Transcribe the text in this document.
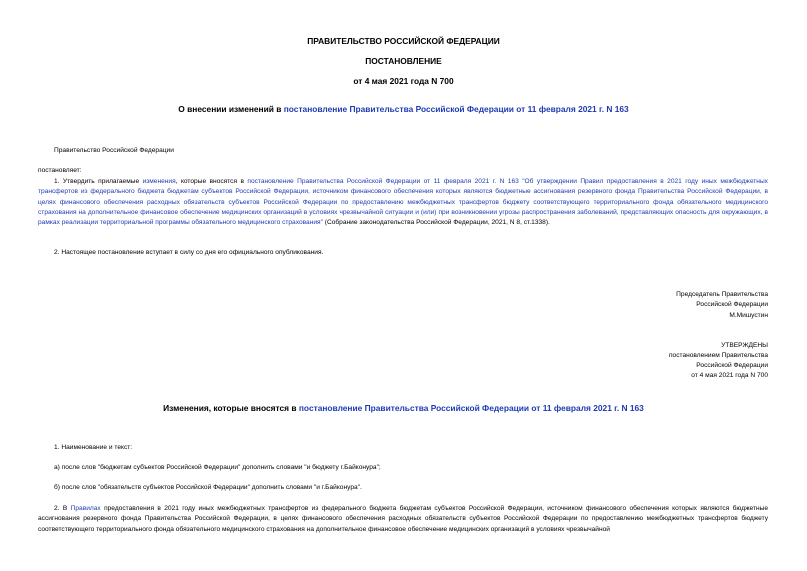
ПРАВИТЕЛЬСТВО РОССИЙСКОЙ ФЕДЕРАЦИИ
ПОСТАНОВЛЕНИЕ
от 4 мая 2021 года N 700
О внесении изменений в постановление Правительства Российской Федерации от 11 февраля 2021 г. N 163
Правительство Российской Федерации
постановляет:
1. Утвердить прилагаемые изменения, которые вносятся в постановление Правительства Российской Федерации от 11 февраля 2021 г. N 163 "Об утверждении Правил предоставления в 2021 году иных межбюджетных трансфертов из федерального бюджета бюджетам субъектов Российской Федерации, источником финансового обеспечения которых являются бюджетные ассигнования резервного фонда Правительства Российской Федерации, в целях финансового обеспечения расходных обязательств субъектов Российской Федерации по предоставлению межбюджетных трансфертов бюджету соответствующего территориального фонда обязательного медицинского страхования на дополнительное финансовое обеспечение медицинских организаций в условиях чрезвычайной ситуации и (или) при возникновении угрозы распространения заболеваний, представляющих опасность для окружающих, в рамках реализации территориальной программы обязательного медицинского страхования" (Собрание законодательства Российской Федерации, 2021, N 8, ст.1338).
2. Настоящее постановление вступает в силу со дня его официального опубликования.
Председатель Правительства
Российской Федерации
М.Мишустин
УТВЕРЖДЕНЫ
постановлением Правительства
Российской Федерации
от 4 мая 2021 года N 700
Изменения, которые вносятся в постановление Правительства Российской Федерации от 11 февраля 2021 г. N 163
1. Наименование и текст:
а) после слов "бюджетам субъектов Российской Федерации" дополнить словами "и бюджету г.Байконура";
б) после слов "обязательств субъектов Российской Федерации" дополнить словами "и г.Байконура".
2. В Правилах предоставления в 2021 году иных межбюджетных трансфертов из федерального бюджета бюджетам субъектов Российской Федерации, источником финансового обеспечения которых являются бюджетные ассигнования резервного фонда Правительства Российской Федерации, в целях финансового обеспечения расходных обязательств субъектов Российской Федерации по предоставлению межбюджетных трансфертов бюджету соответствующего территориального фонда обязательного медицинского страхования на дополнительное финансовое обеспечение медицинских организаций в условиях чрезвычайной
